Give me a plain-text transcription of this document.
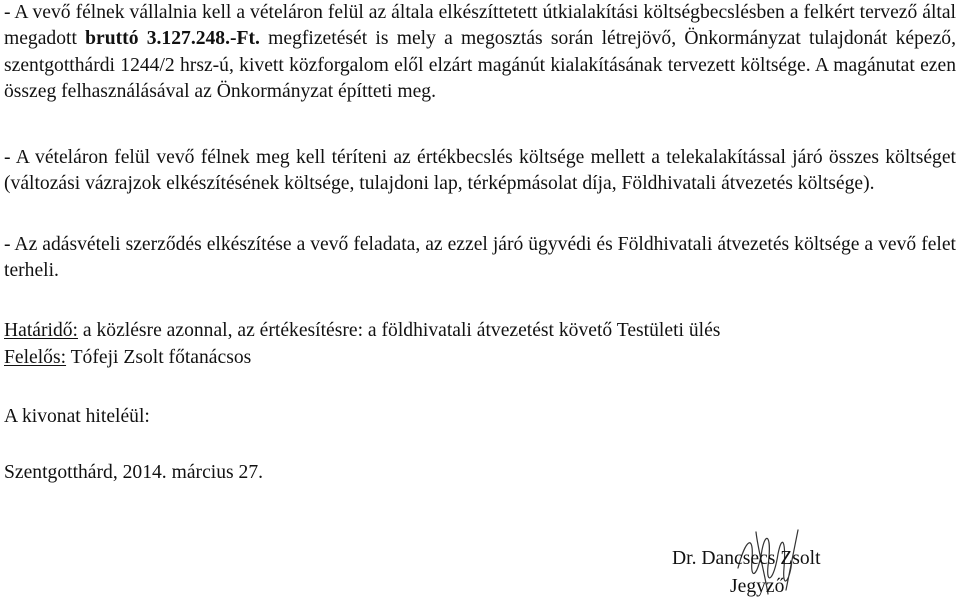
- A vevő félnek vállalnia kell a vételáron felül az általa elkészíttetett útkialakítási költségbecslésben a felkért tervező által megadott bruttó 3.127.248.-Ft. megfizetését is mely a megosztás során létrejövő, Önkormányzat tulajdonát képező, szentgotthárdi 1244/2 hrsz-ú, kivett közforgalom elől elzárt magánút kialakításának tervezett költsége. A magánutat ezen összeg felhasználásával az Önkormányzat építteti meg.

- A vételáron felül vevő félnek meg kell téríteni az értékbecslés költsége mellett a telekalakítással járó összes költséget (változási vázrajzok elkészítésének költsége, tulajdoni lap, térképmásolat díja, Földhivatali átvezetés költsége).

- Az adásvételi szerződés elkészítése a vevő feladata, az ezzel járó ügyvédi és Földhivatali átvezetés költsége a vevő felet terheli.

Határidő: a közlésre azonnal, az értékesítésre: a földhivatali átvezetést követő Testületi ülés

Felelős: Tófeji Zsolt főtanácsos

A kivonat hiteléül:

Szentgotthárd, 2014. március 27.

Dr. Dancsecs Zsolt
Jegyző
